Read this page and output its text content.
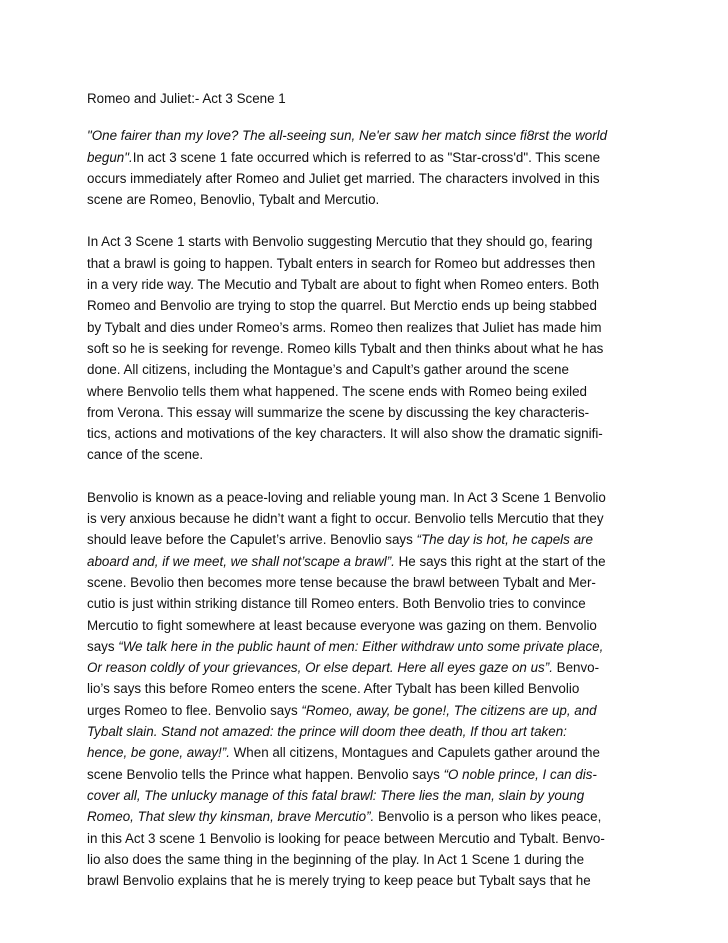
Romeo and Juliet:- Act 3 Scene 1
"One fairer than my love? The all-seeing sun, Ne'er saw her match since fi8rst the world
begun".In act 3 scene 1 fate occurred which is referred to as "Star-cross'd". This scene
occurs immediately after Romeo and Juliet get married. The characters involved in this
scene are Romeo, Benovlio, Tybalt and Mercutio.
In Act 3 Scene 1 starts with Benvolio suggesting Mercutio that they should go, fearing
that a brawl is going to happen. Tybalt enters in search for Romeo but addresses then
in a very ride way. The Mecutio and Tybalt are about to fight when Romeo enters. Both
Romeo and Benvolio are trying to stop the quarrel. But Merctio ends up being stabbed
by Tybalt and dies under Romeo’s arms. Romeo then realizes that Juliet has made him
soft so he is seeking for revenge. Romeo kills Tybalt and then thinks about what he has
done. All citizens, including the Montague’s and Capult’s gather around the scene
where Benvolio tells them what happened. The scene ends with Romeo being exiled
from Verona. This essay will summarize the scene by discussing the key characteris-
tics, actions and motivations of the key characters. It will also show the dramatic signifi-
cance of the scene.
Benvolio is known as a peace-loving and reliable young man. In Act 3 Scene 1 Benvolio
is very anxious because he didn’t want a fight to occur. Benvolio tells Mercutio that they
should leave before the Capulet’s arrive. Benovlio says “The day is hot, he capels are
aboard and, if we meet, we shall not’scape a brawl”. He says this right at the start of the
scene. Bevolio then becomes more tense because the brawl between Tybalt and Mer-
cutio is just within striking distance till Romeo enters. Both Benvolio tries to convince
Mercutio to fight somewhere at least because everyone was gazing on them. Benvolio
says “We talk here in the public haunt of men: Either withdraw unto some private place,
Or reason coldly of your grievances, Or else depart. Here all eyes gaze on us”. Benvo-
lio’s says this before Romeo enters the scene. After Tybalt has been killed Benvolio
urges Romeo to flee. Benvolio says “Romeo, away, be gone!, The citizens are up, and
Tybalt slain. Stand not amazed: the prince will doom thee death, If thou art taken:
hence, be gone, away!”. When all citizens, Montagues and Capulets gather around the
scene Benvolio tells the Prince what happen. Benvolio says “O noble prince, I can dis-
cover all, The unlucky manage of this fatal brawl: There lies the man, slain by young
Romeo, That slew thy kinsman, brave Mercutio”. Benvolio is a person who likes peace,
in this Act 3 scene 1 Benvolio is looking for peace between Mercutio and Tybalt. Benvo-
lio also does the same thing in the beginning of the play. In Act 1 Scene 1 during the
brawl Benvolio explains that he is merely trying to keep peace but Tybalt says that he
